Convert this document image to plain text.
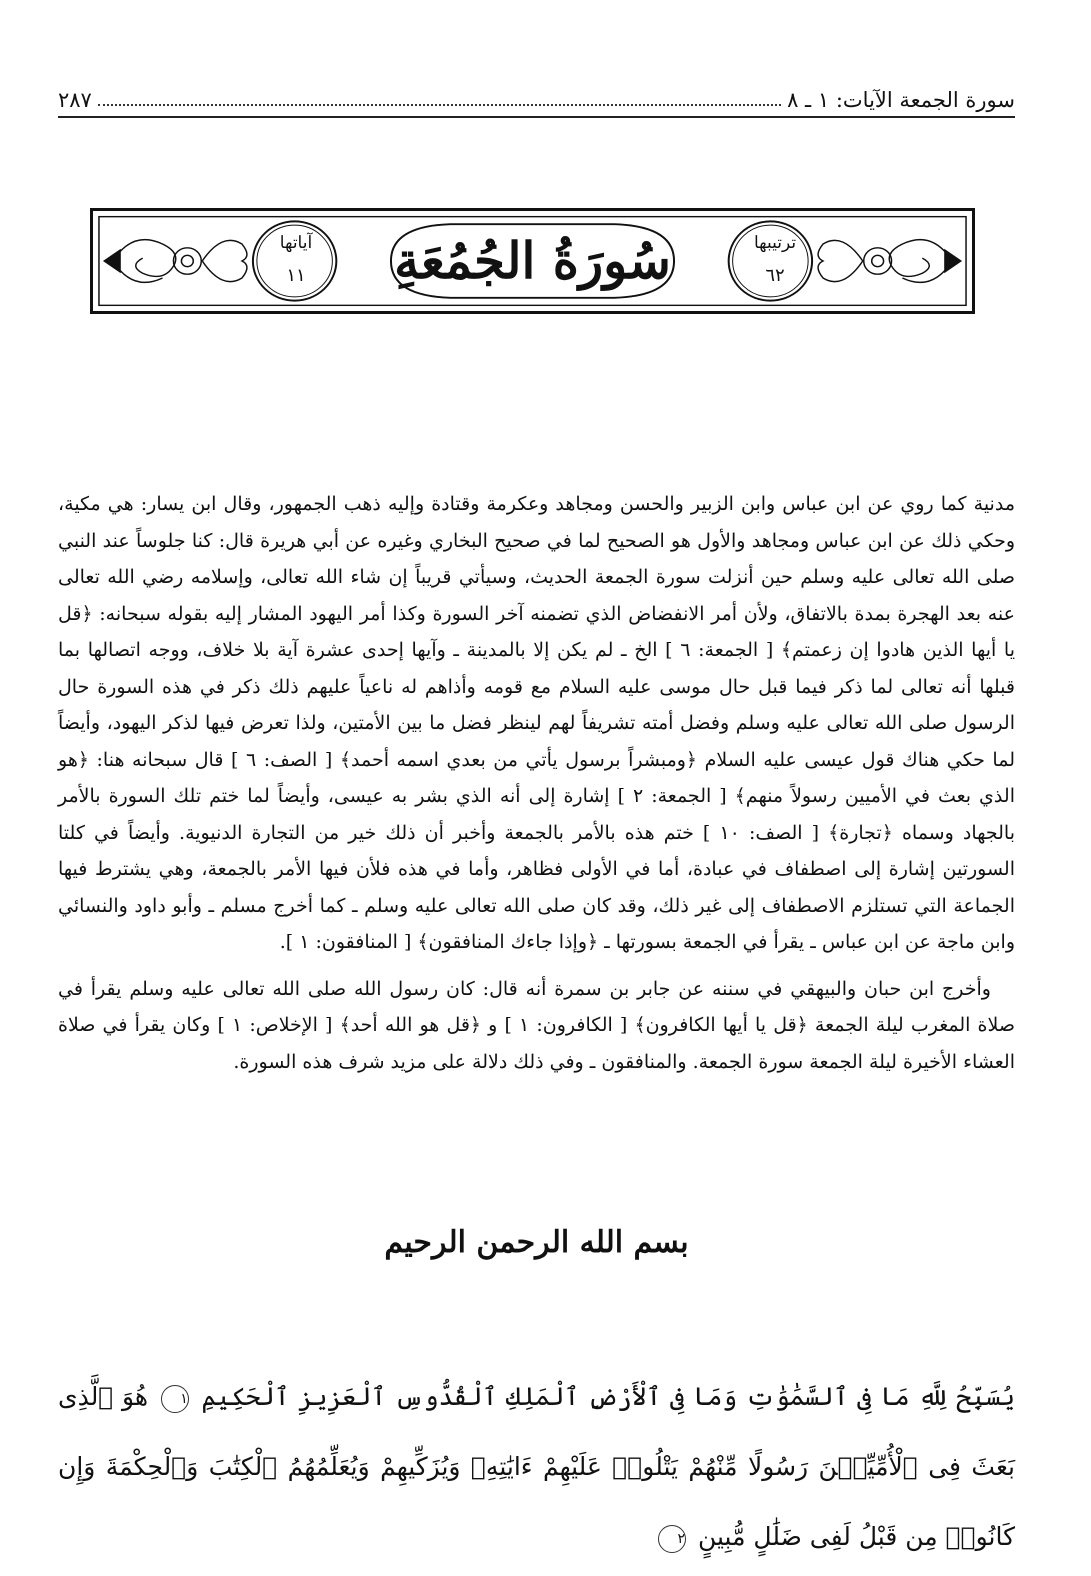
سورة الجمعة الآيات: ١ ـ ٨
٢٨٧
سُورَةُ الجُمُعَةِ	ترتيبها
٦٢
آياتها
١١

مدنية كما روي عن ابن عباس وابن الزبير والحسن ومجاهد وعكرمة وقتادة وإليه ذهب الجمهور، وقال ابن يسار: هي مكية، وحكي ذلك عن ابن عباس ومجاهد والأول هو الصحيح لما في صحيح البخاري وغيره عن أبي هريرة قال: كنا جلوساً عند النبي صلى الله تعالى عليه وسلم حين أنزلت سورة الجمعة الحديث، وسيأتي قريباً إن شاء الله تعالى، وإسلامه رضي الله تعالى عنه بعد الهجرة بمدة بالاتفاق، ولأن أمر الانفضاض الذي تضمنه آخر السورة وكذا أمر اليهود المشار إليه بقوله سبحانه: ﴿قل يا أيها الذين هادوا إن زعمتم﴾ [ الجمعة: ٦ ] الخ ـ لم يكن إلا بالمدينة ـ وآيها إحدى عشرة آية بلا خلاف، ووجه اتصالها بما قبلها أنه تعالى لما ذكر فيما قبل حال موسى عليه السلام مع قومه وأذاهم له ناعياً عليهم ذلك ذكر في هذه السورة حال الرسول صلى الله تعالى عليه وسلم وفضل أمته تشريفاً لهم لينظر فضل ما بين الأمتين، ولذا تعرض فيها لذكر اليهود، وأيضاً لما حكي هناك قول عيسى عليه السلام ﴿ومبشراً برسول يأتي من بعدي اسمه أحمد﴾ [ الصف: ٦ ] قال سبحانه هنا: ﴿هو الذي بعث في الأميين رسولاً منهم﴾ [ الجمعة: ٢ ] إشارة إلى أنه الذي بشر به عيسى، وأيضاً لما ختم تلك السورة بالأمر بالجهاد وسماه ﴿تجارة﴾ [ الصف: ١٠ ] ختم هذه بالأمر بالجمعة وأخبر أن ذلك خير من التجارة الدنيوية. وأيضاً في كلتا السورتين إشارة إلى اصطفاف في عبادة، أما في الأولى فظاهر، وأما في هذه فلأن فيها الأمر بالجمعة، وهي يشترط فيها الجماعة التي تستلزم الاصطفاف إلى غير ذلك، وقد كان صلى الله تعالى عليه وسلم ـ كما أخرج مسلم ـ وأبو داود والنسائي وابن ماجة عن ابن عباس ـ يقرأ في الجمعة بسورتها ـ ﴿وإذا جاءك المنافقون﴾ [ المنافقون: ١ ].

وأخرج ابن حبان والبيهقي في سننه عن جابر بن سمرة أنه قال: كان رسول الله صلى الله تعالى عليه وسلم يقرأ في صلاة المغرب ليلة الجمعة ﴿قل يا أيها الكافرون﴾ [ الكافرون: ١ ] و ﴿قل هو الله أحد﴾ [ الإخلاص: ١ ] وكان يقرأ في صلاة العشاء الأخيرة ليلة الجمعة سورة الجمعة. والمنافقون ـ وفي ذلك دلالة على مزيد شرف هذه السورة.

بسم الله الرحمن الرحيم
يُسَبِّحُ لِلَّهِ مَا فِى ٱلسَّمَٰوَٰتِ وَمَا فِى ٱلْأَرْضِ ٱلْمَلِكِ ٱلْقُدُّوسِ ٱلْعَزِيزِ ٱلْحَكِيمِ ١ هُوَ ٱلَّذِى بَعَثَ فِى ٱلْأُمِّيِّـۧنَ رَسُولًا مِّنْهُمْ يَتْلُوا۟ عَلَيْهِمْ ءَايَٰتِهِۦ وَيُزَكِّيهِمْ وَيُعَلِّمُهُمُ ٱلْكِتَٰبَ وَٱلْحِكْمَةَ وَإِن كَانُوا۟ مِن قَبْلُ لَفِى ضَلَٰلٍ مُّبِينٍ ٢
